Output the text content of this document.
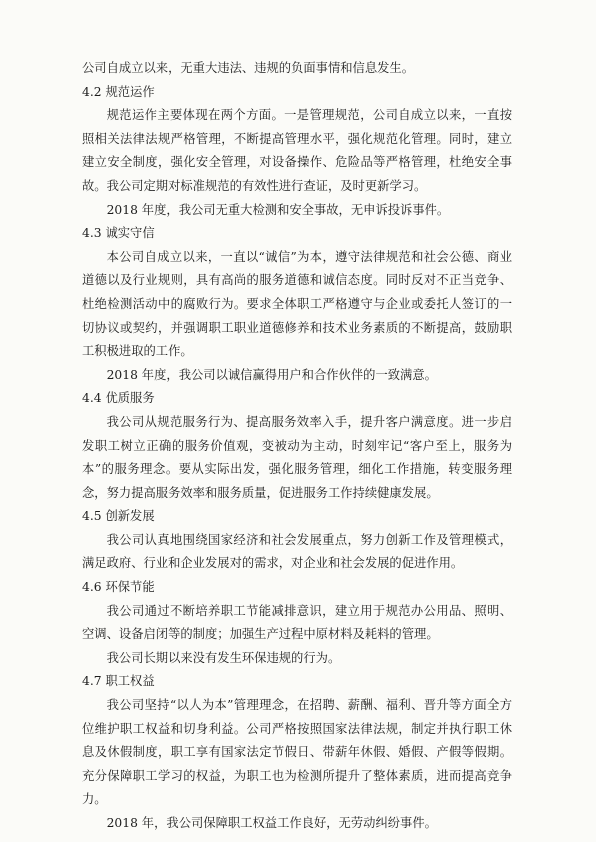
公司自成立以来，无重大违法、违规的负面事情和信息发生。

4.2 规范运作

规范运作主要体现在两个方面。一是管理规范，公司自成立以来，一直按照相关法律法规严格管理，不断提高管理水平，强化规范化管理。同时，建立建立安全制度，强化安全管理，对设备操作、危险品等严格管理，杜绝安全事故。我公司定期对标准规范的有效性进行查证，及时更新学习。

2018 年度，我公司无重大检测和安全事故，无申诉投诉事件。

4.3 诚实守信

本公司自成立以来，一直以“诚信”为本，遵守法律规范和社会公德、商业道德以及行业规则，具有高尚的服务道德和诚信态度。同时反对不正当竞争、杜绝检测活动中的腐败行为。要求全体职工严格遵守与企业或委托人签订的一切协议或契约，并强调职工职业道德修养和技术业务素质的不断提高，鼓励职工积极进取的工作。

2018 年度，我公司以诚信赢得用户和合作伙伴的一致满意。

4.4 优质服务

我公司从规范服务行为、提高服务效率入手，提升客户满意度。进一步启发职工树立正确的服务价值观，变被动为主动，时刻牢记“客户至上，服务为本”的服务理念。要从实际出发，强化服务管理，细化工作措施，转变服务理念，努力提高服务效率和服务质量，促进服务工作持续健康发展。

4.5 创新发展

我公司认真地围绕国家经济和社会发展重点，努力创新工作及管理模式，满足政府、行业和企业发展对的需求，对企业和社会发展的促进作用。

4.6 环保节能

我公司通过不断培养职工节能减排意识，建立用于规范办公用品、照明、空调、设备启闭等的制度；加强生产过程中原材料及耗料的管理。

我公司长期以来没有发生环保违规的行为。

4.7 职工权益

我公司坚持“以人为本”管理理念，在招聘、薪酬、福利、晋升等方面全方位维护职工权益和切身利益。公司严格按照国家法律法规，制定并执行职工休息及休假制度，职工享有国家法定节假日、带薪年休假、婚假、产假等假期。充分保障职工学习的权益，为职工也为检测所提升了整体素质，进而提高竞争力。

2018 年，我公司保障职工权益工作良好，无劳动纠纷事件。
